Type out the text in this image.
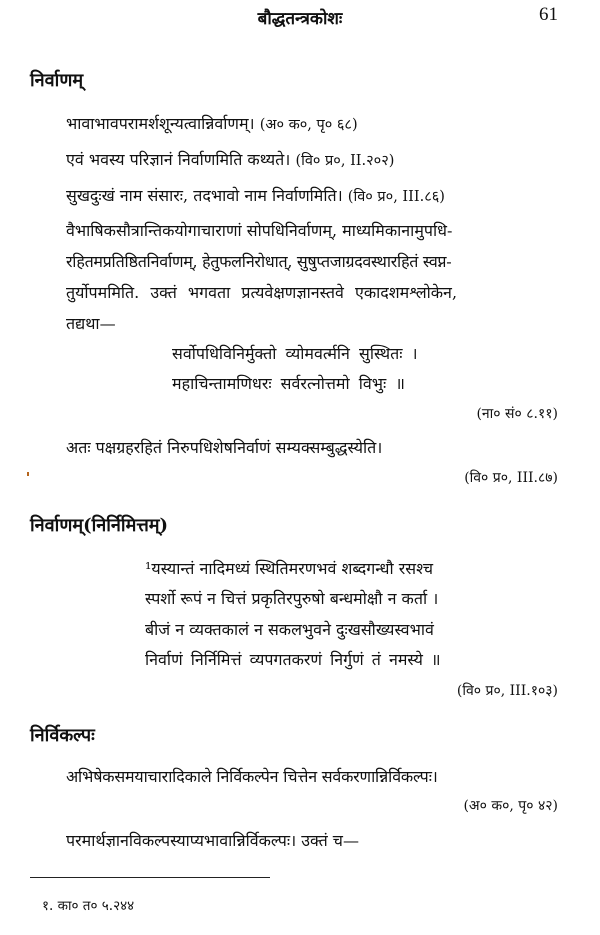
बौद्धतन्त्रकोशः	61
निर्वाणम्
भावाभावपरामर्शशून्यत्वान्निर्वाणम्। (अ० क०, पृ० ६८)
एवं भवस्य परिज्ञानं निर्वाणमिति कथ्यते। (वि० प्र०, II.२०२)
सुखदुःखं नाम संसारः, तदभावो नाम निर्वाणमिति। (वि० प्र०, III.८६)
वैभाषिकसौत्रान्तिकयोगाचाराणां सोपधिनिर्वाणम्, माध्यमिकानामुपधि-
रहितमप्रतिष्ठितनिर्वाणम्, हेतुफलनिरोधात्, सुषुप्तजाग्रदवस्थारहितं स्वप्न-
तुर्योपममिति. उक्तं भगवता प्रत्यवेक्षणज्ञानस्तवे एकादशमश्लोकेन,
तद्यथा—
सर्वोपधिविनिर्मुक्तो व्योमवर्त्मनि सुस्थितः ।
महाचिन्तामणिधरः सर्वरत्नोत्तमो विभुः ॥
(ना० सं० ८.११)
अतः पक्षग्रहरहितं निरुपधिशेषनिर्वाणं सम्यक्सम्बुद्धस्येति।
(वि० प्र०, III.८७)
निर्वाणम्(निर्निमित्तम्)
¹यस्यान्तं नादिमध्यं स्थितिमरणभवं शब्दगन्धौ रसश्च
स्पर्शो रूपं न चित्तं प्रकृतिरपुरुषो बन्धमोक्षौ न कर्ता ।
बीजं न व्यक्तकालं न सकलभुवने दुःखसौख्यस्वभावं
निर्वाणं निर्निमित्तं व्यपगतकरणं निर्गुणं तं नमस्ये ॥
(वि० प्र०, III.१०३)
निर्विकल्पः
अभिषेकसमयाचारादिकाले निर्विकल्पेन चित्तेन सर्वकरणान्निर्विकल्पः।
(अ० क०, पृ० ४२)
परमार्थज्ञानविकल्पस्याप्यभावान्निर्विकल्पः। उक्तं च—
१. का० त० ५.२४४
